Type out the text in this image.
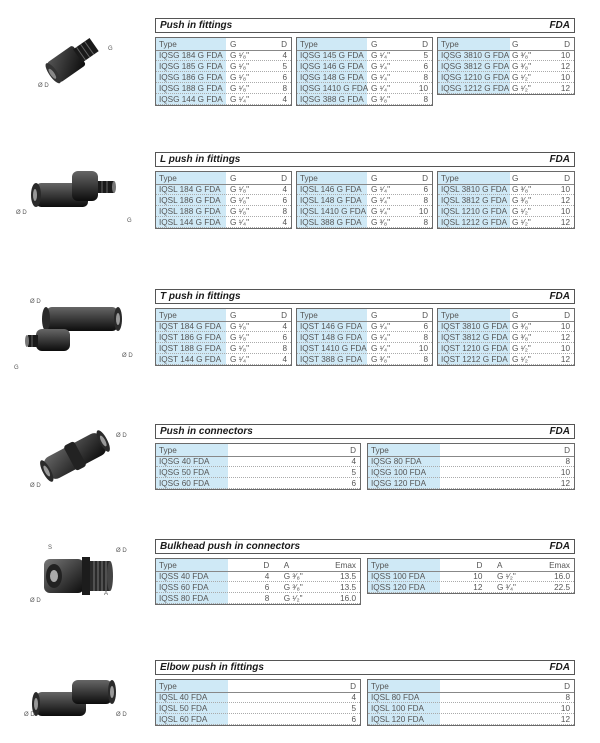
G
Ø D
Push in fittings	FDA
Type	G	D
IQSG 184 G FDA G ¹⁄₈"	4
IQSG 185 G FDA G ¹⁄₈"	5
IQSG 186 G FDA G ¹⁄₈"	6
IQSG 188 G FDA G ¹⁄₈"	8
IQSG 144 G FDA G ¹⁄₄"	4
Type	G	D
IQSG 145 G FDA G ¹⁄₄"	5
IQSG 146 G FDA G ¹⁄₄"	6
IQSG 148 G FDA G ¹⁄₄"	8
IQSG 1410 G FDA G ¹⁄₄"	10
IQSG 388 G FDA G ³⁄₈"	8
Type	G	D
IQSG 3810 G FDA G ³⁄₈"	10
IQSG 3812 G FDA G ³⁄₈"	12
IQSG 1210 G FDA G ¹⁄₂"	10
IQSG 1212 G FDA G ¹⁄₂"	12
Ø D
G
L push in fittings	FDA
Type	G	D
IQSL 184 G FDA G ¹⁄₈"	4
IQSL 186 G FDA G ¹⁄₈"	6
IQSL 188 G FDA G ¹⁄₈"	8
IQSL 144 G FDA G ¹⁄₄"	4
Type	G	D
IQSL 146 G FDA G ¹⁄₄"	6
IQSL 148 G FDA G ¹⁄₄"	8
IQSL 1410 G FDA G ¹⁄₄"	10
IQSL 388 G FDA G ³⁄₈"	8
Type	G	D
IQSL 3810 G FDA G ³⁄₈"	10
IQSL 3812 G FDA G ³⁄₈"	12
IQSL 1210 G FDA G ¹⁄₂"	10
IQSL 1212 G FDA G ¹⁄₂"	12
Ø D
Ø D
G
T push in fittings	FDA
Type	G	D
IQST 184 G FDA G ¹⁄₈"	4
IQST 186 G FDA G ¹⁄₈"	6
IQST 188 G FDA G ¹⁄₈"	8
IQST 144 G FDA G ¹⁄₄"	4
Type	G	D
IQST 146 G FDA G ¹⁄₄"	6
IQST 148 G FDA G ¹⁄₄"	8
IQST 1410 G FDA G ¹⁄₄"	10
IQST 388 G FDA G ³⁄₈"	8
Type	G	D
IQST 3810 G FDA G ³⁄₈"	10
IQST 3812 G FDA G ³⁄₈"	12
IQST 1210 G FDA G ¹⁄₂"	10
IQST 1212 G FDA G ¹⁄₂"	12
Ø D
Ø D
Push in connectors	FDA
Type	D
IQSG 40 FDA	4
IQSG 50 FDA	5
IQSG 60 FDA	6
Type	D
IQSG 80 FDA	8
IQSG 100 FDA	10
IQSG 120 FDA	12
S	Ø D
Ø D
A
Bulkhead push in connectors	FDA
Type	D A	Emax
IQSS 40 FDA	4 G ³⁄₈"	13.5
IQSS 60 FDA	6 G ³⁄₈"	13.5
IQSS 80 FDA	8 G ¹⁄₂"	16.0
Type	D A	Emax
IQSS 100 FDA	10 G ¹⁄₂"	16.0
IQSS 120 FDA	12 G ³⁄₄"	22.5
Ø D	Ø D
Elbow push in fittings	FDA
Type	D
IQSL 40 FDA	4
IQSL 50 FDA	5
IQSL 60 FDA	6
Type	D
IQSL 80 FDA	8
IQSL 100 FDA	10
IQSL 120 FDA	12
